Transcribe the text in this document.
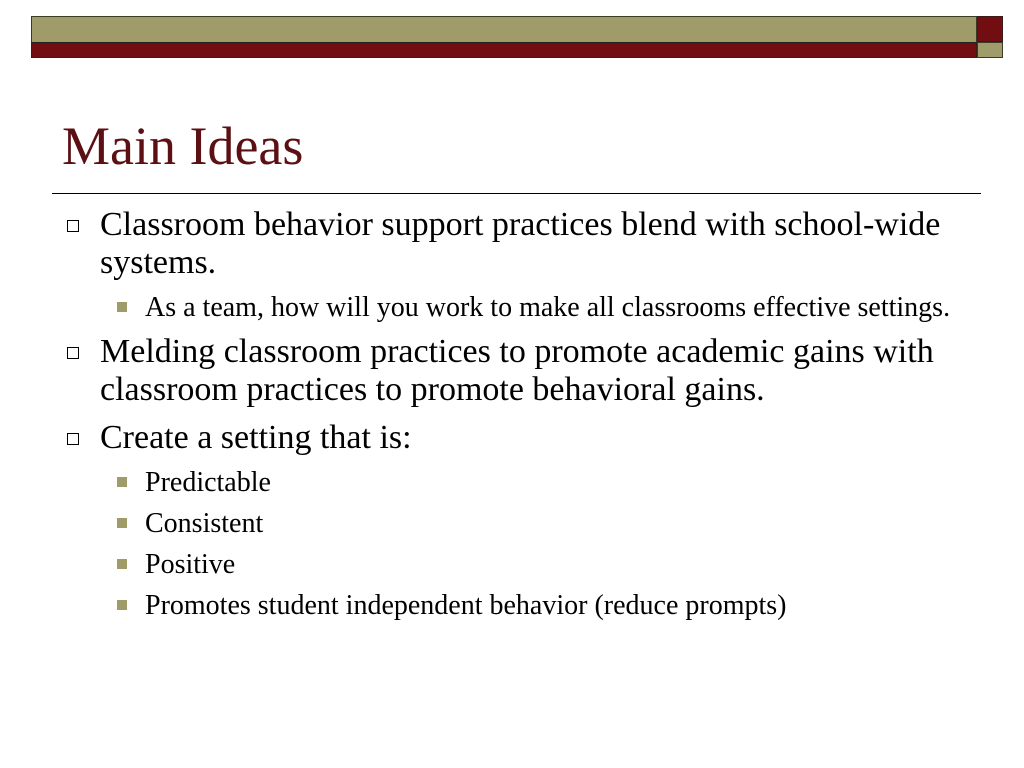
Main Ideas
Classroom behavior support practices blend with school-wide systems.
As a team, how will you work to make all classrooms effective settings.
Melding classroom practices to promote academic gains with classroom practices to promote behavioral gains.
Create a setting that is:
Predictable
Consistent
Positive
Promotes student independent behavior (reduce prompts)
